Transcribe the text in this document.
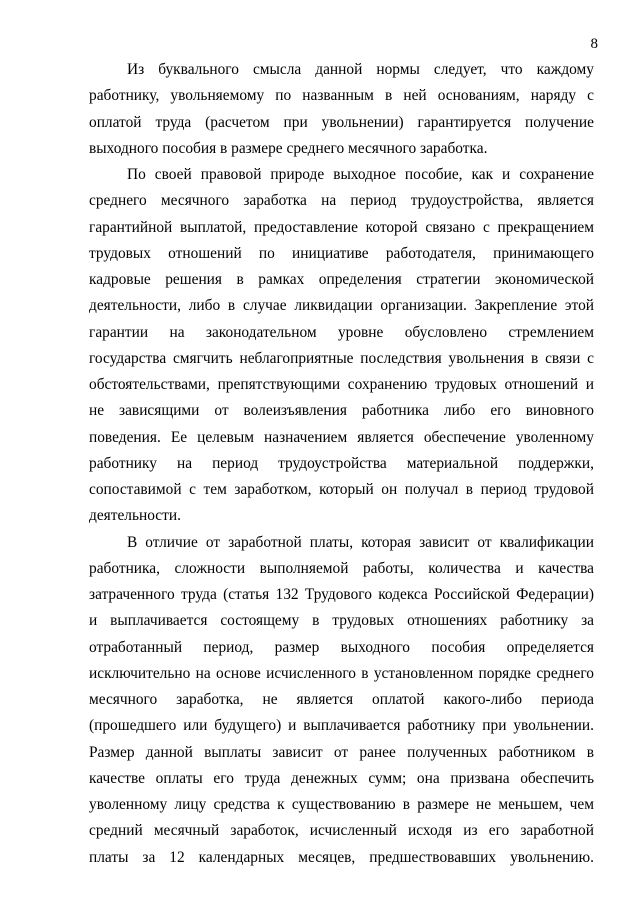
8
Из буквального смысла данной нормы следует, что каждому
работнику, увольняемому по названным в ней основаниям, наряду с
оплатой труда (расчетом при увольнении) гарантируется получение
выходного пособия в размере среднего месячного заработка.
По своей правовой природе выходное пособие, как и сохранение
среднего месячного заработка на период трудоустройства, является
гарантийной выплатой, предоставление которой связано с прекращением
трудовых отношений по инициативе работодателя, принимающего
кадровые решения в рамках определения стратегии экономической
деятельности, либо в случае ликвидации организации. Закрепление этой
гарантии на законодательном уровне обусловлено стремлением
государства смягчить неблагоприятные последствия увольнения в связи с
обстоятельствами, препятствующими сохранению трудовых отношений и
не зависящими от волеизъявления работника либо его виновного
поведения. Ее целевым назначением является обеспечение уволенному
работнику на период трудоустройства материальной поддержки,
сопоставимой с тем заработком, который он получал в период трудовой
деятельности.
В отличие от заработной платы, которая зависит от квалификации
работника, сложности выполняемой работы, количества и качества
затраченного труда (статья 132 Трудового кодекса Российской Федерации)
и выплачивается состоящему в трудовых отношениях работнику за
отработанный период, размер выходного пособия определяется
исключительно на основе исчисленного в установленном порядке среднего
месячного заработка, не является оплатой какого-либо периода
(прошедшего или будущего) и выплачивается работнику при увольнении.
Размер данной выплаты зависит от ранее полученных работником в
качестве оплаты его труда денежных сумм; она призвана обеспечить
уволенному лицу средства к существованию в размере не меньшем, чем
средний месячный заработок, исчисленный исходя из его заработной
платы за 12 календарных месяцев, предшествовавших увольнению.
